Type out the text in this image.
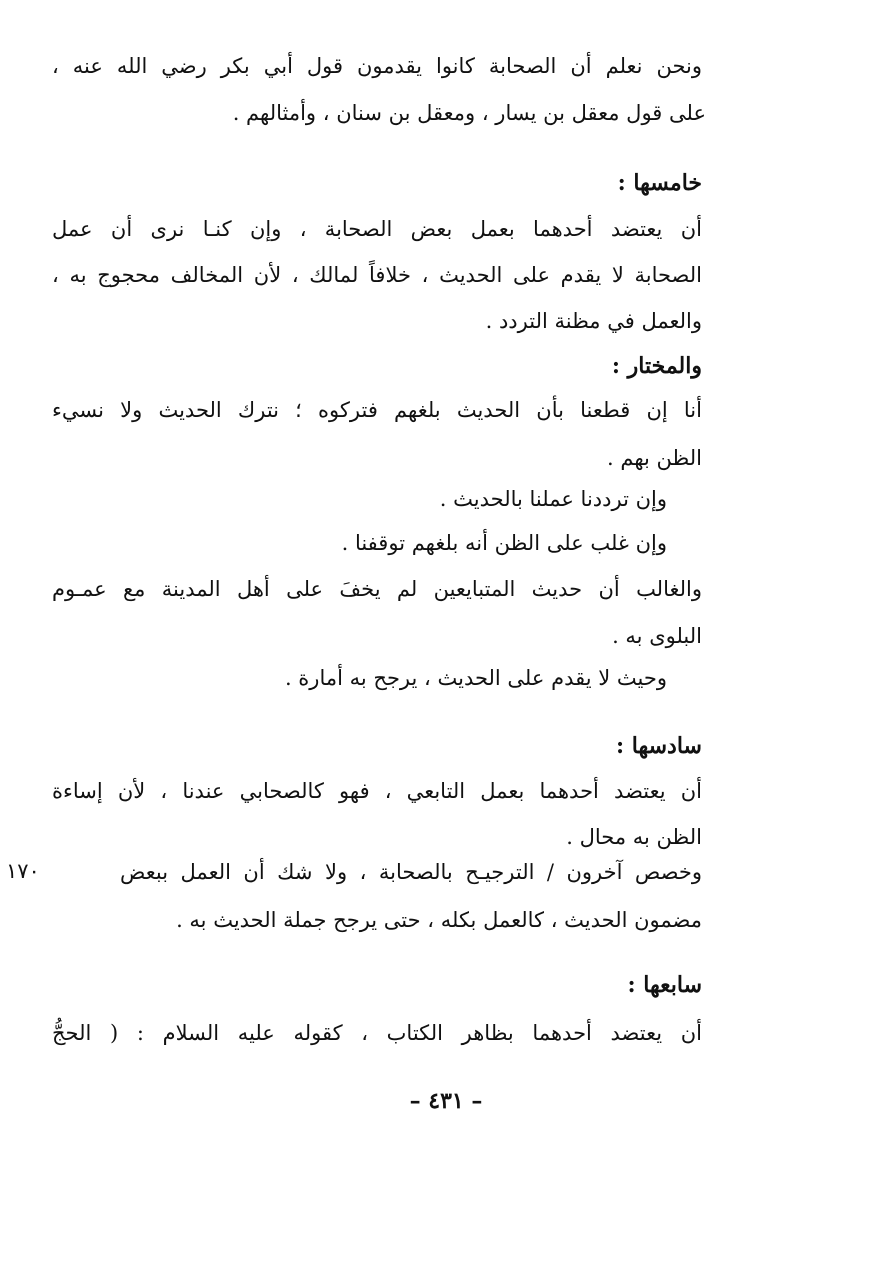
ونحن نعلم أن الصحابة كانوا يقدمون قول أبي بكر رضي الله عنه ،
على قول معقل بن يسار ، ومعقل بن سنان ، وأمثالهم .
خامسها :
أن يعتضد أحدهما بعمل بعض الصحابة ، وإن كنـا نرى أن عمل
الصحابة لا يقدم على الحديث ، خلافاً لمالك ، لأن المخالف محجوج به ،
والعمل في مظنة التردد .
والمختار :
أنا إن قطعنا بأن الحديث بلغهم فتركوه ؛ نترك الحديث ولا نسيء
الظن بهم .
وإن ترددنا عملنا بالحديث .
وإن غلب على الظن أنه بلغهم توقفنا .
والغالب أن حديث المتبايعين لم يخفَ على أهل المدينة مع عمـوم
البلوى به .
وحيث لا يقدم على الحديث ، يرجح به أمارة .
سادسها :
أن يعتضد أحدهما بعمل التابعي ، فهو كالصحابي عندنا ، لأن إساءة
الظن به محال .
وخصص آخرون / الترجيـح بالصحابة ، ولا شك أن العمل ببعض
١٧٠
مضمون الحديث ، كالعمل بكله ، حتى يرجح جملة الحديث به .
سابعها :
أن يعتضد أحدهما بظاهر الكتاب ، كقوله عليه السلام : ( الحجُّ
– ٤٣١ –
